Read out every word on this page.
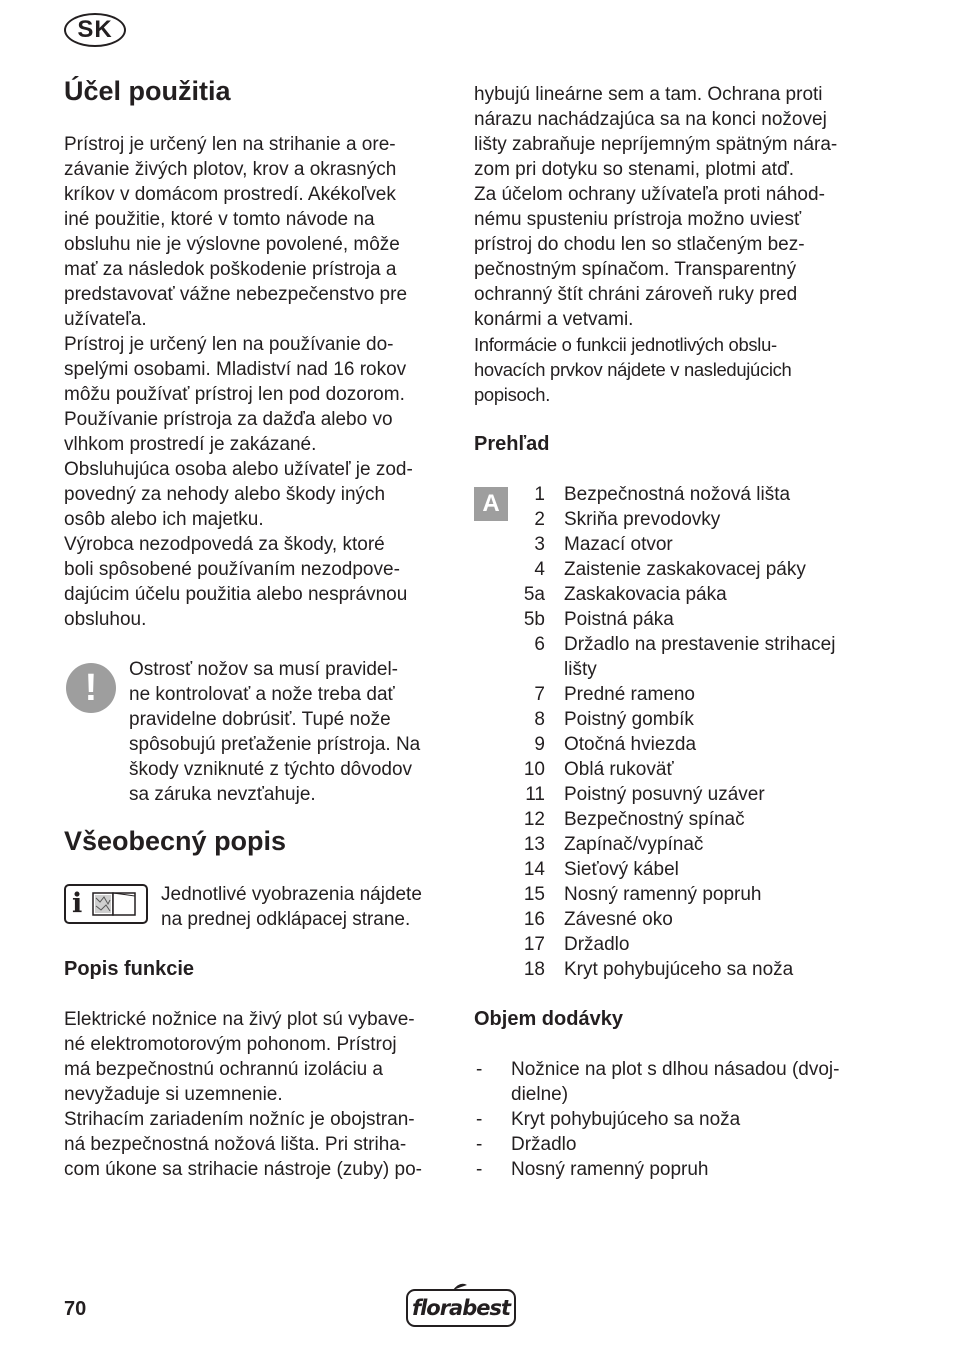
SK
Účel použitia
Prístroj je určený len na strihanie a ore-
závanie živých plotov, krov a okrasných
kríkov v domácom prostredí. Akékoľvek
iné použitie, ktoré v tomto návode na
obsluhu nie je výslovne povolené, môže
mať za následok poškodenie prístroja a
predstavovať vážne nebezpečenstvo pre
užívateľa.
Prístroj je určený len na používanie do-
spelými osobami. Mladiství nad 16 rokov
môžu používať prístroj len pod dozorom.
Používanie prístroja za dažďa alebo vo
vlhkom prostredí je zakázané.
Obsluhujúca osoba alebo užívateľ je zod-
povedný za nehody alebo škody iných
osôb alebo ich majetku.
Výrobca nezodpovedá za škody, ktoré
boli spôsobené používaním nezodpove-
dajúcim účelu použitia alebo nesprávnou
obsluhou.
!	Ostrosť nožov sa musí pravidel-
ne kontrolovať a nože treba dať
pravidelne dobrúsiť. Tupé nože
spôsobujú preťaženie prístroja. Na
škody vzniknuté z týchto dôvodov
sa záruka nevzťahuje.
Všeobecný popis
i	Jednotlivé vyobrazenia nájdete
na prednej odklápacej strane.
Popis funkcie
Elektrické nožnice na živý plot sú vybave-
né elektromotorovým pohonom. Prístroj
má bezpečnostnú ochrannú izoláciu a
nevyžaduje si uzemnenie.
Strihacím zariadením nožníc je obojstran-
ná bezpečnostná nožová lišta. Pri striha-
com úkone sa strihacie nástroje (zuby) po-
hybujú lineárne sem a tam. Ochrana proti
nárazu nachádzajúca sa na konci nožovej
lišty zabraňuje nepríjemným spätným nára-
zom pri dotyku so stenami, plotmi atď.
Za účelom ochrany užívateľa proti náhod-
nému spusteniu prístroja možno uviesť
prístroj do chodu len so stlačeným bez-
pečnostným spínačom. Transparentný
ochranný štít chráni zároveň ruky pred
konármi a vetvami.
Informácie o funkcii jednotlivých obslu-
hovacích prvkov nájdete v nasledujúcich
popisoch.
Prehľad
A	1 Bezpečnostná nožová lišta
2 Skriňa prevodovky
3 Mazací otvor
4 Zaistenie zaskakovacej páky
5a Zaskakovacia páka
5b Poistná páka
6 Držadlo na prestavenie strihacej lišty
7 Predné rameno
8 Poistný gombík
9 Otočná hviezda
10 Oblá rukoväť
11 Poistný posuvný uzáver
12 Bezpečnostný spínač
13 Zapínač/vypínač
14 Sieťový kábel
15 Nosný ramenný popruh
16 Závesné oko
17 Držadlo
18 Kryt pohybujúceho sa noža
Objem dodávky
-	Nožnice na plot s dlhou násadou (dvoj-dielne)
-	Kryt pohybujúceho sa noža
-	Držadlo
-	Nosný ramenný popruh
70	florabest
